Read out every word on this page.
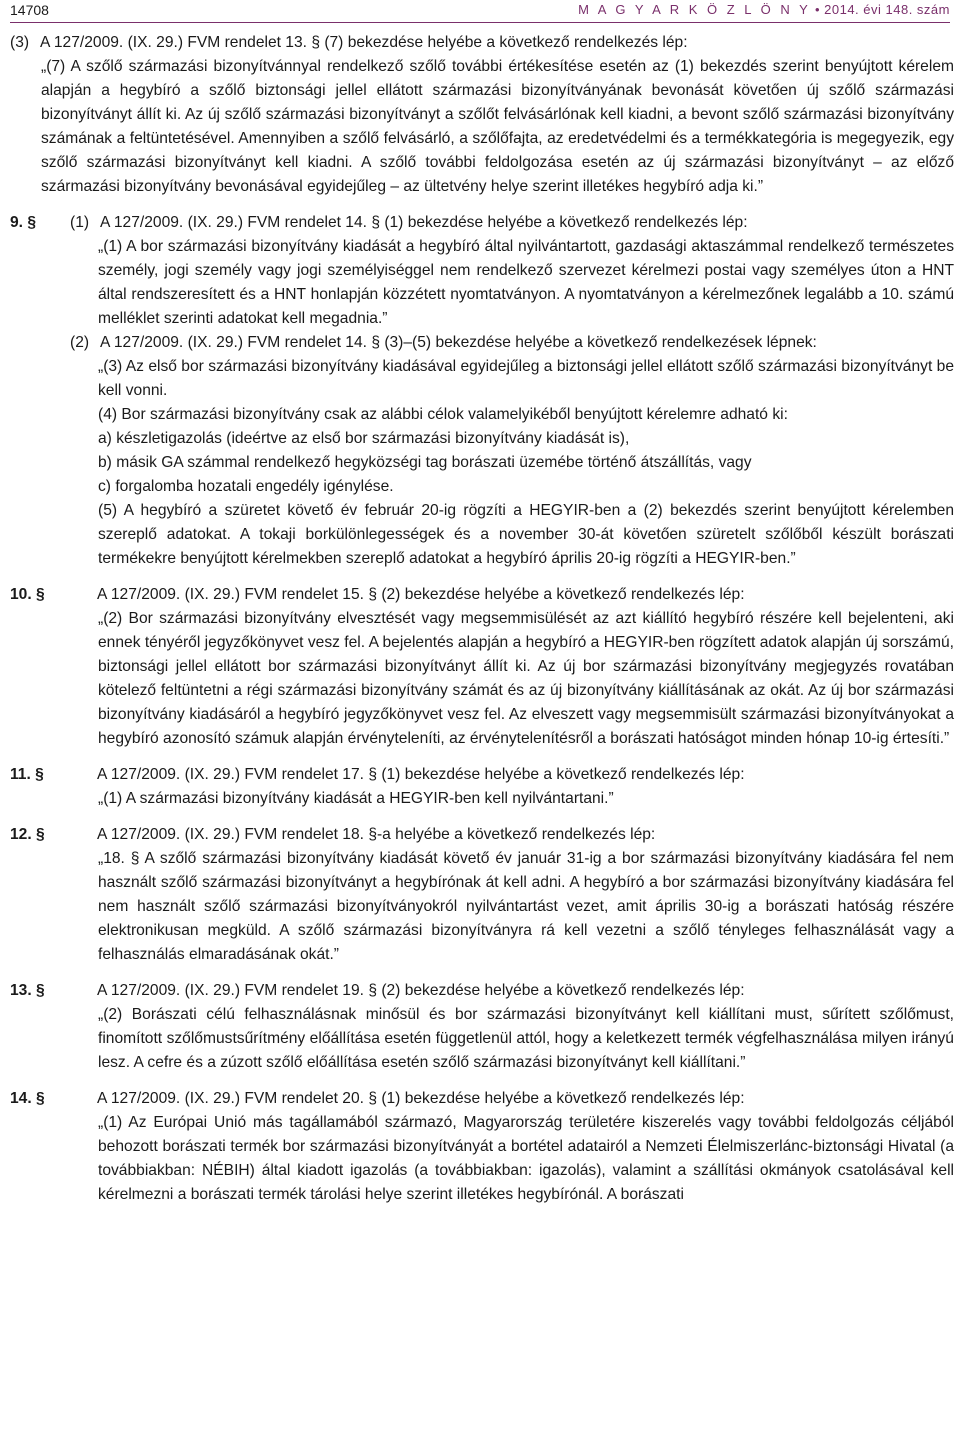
14708	M A G Y A R K Ö Z L Ö N Y • 2014. évi 148. szám
(3) A 127/2009. (IX. 29.) FVM rendelet 13. § (7) bekezdése helyébe a következő rendelkezés lép:

„(7) A szőlő származási bizonyítvánnyal rendelkező szőlő további értékesítése esetén az (1) bekezdés szerint benyújtott kérelem alapján a hegybíró a szőlő biztonsági jellel ellátott származási bizonyítványának bevonását követően új szőlő származási bizonyítványt állít ki. Az új szőlő származási bizonyítványt a szőlőt felvásárlónak kell kiadni, a bevont szőlő származási bizonyítvány számának a feltüntetésével. Amennyiben a szőlő felvásárló, a szőlőfajta, az eredetvédelmi és a termékkategória is megegyezik, egy szőlő származási bizonyítványt kell kiadni. A szőlő további feldolgozása esetén az új származási bizonyítványt – az előző származási bizonyítvány bevonásával egyidejűleg – az ültetvény helye szerint illetékes hegybíró adja ki.”

9. §	(1) A 127/2009. (IX. 29.) FVM rendelet 14. § (1) bekezdése helyébe a következő rendelkezés lép:

„(1) A bor származási bizonyítvány kiadását a hegybíró által nyilvántartott, gazdasági aktaszámmal rendelkező természetes személy, jogi személy vagy jogi személyiséggel nem rendelkező szervezet kérelmezi postai vagy személyes úton a HNT által rendszeresített és a HNT honlapján közzétett nyomtatványon. A nyomtatványon a kérelmezőnek legalább a 10. számú melléklet szerinti adatokat kell megadnia.”

(2) A 127/2009. (IX. 29.) FVM rendelet 14. § (3)–(5) bekezdése helyébe a következő rendelkezések lépnek:

„(3) Az első bor származási bizonyítvány kiadásával egyidejűleg a biztonsági jellel ellátott szőlő származási bizonyítványt be kell vonni.

(4) Bor származási bizonyítvány csak az alábbi célok valamelyikéből benyújtott kérelemre adható ki:

a) készletigazolás (ideértve az első bor származási bizonyítvány kiadását is),

b) másik GA számmal rendelkező hegyközségi tag borászati üzemébe történő átszállítás, vagy

c) forgalomba hozatali engedély igénylése.

(5) A hegybíró a szüretet követő év február 20-ig rögzíti a HEGYIR-ben a (2) bekezdés szerint benyújtott kérelemben szereplő adatokat. A tokaji borkülönlegességek és a november 30-át követően szüretelt szőlőből készült borászati termékekre benyújtott kérelmekben szereplő adatokat a hegybíró április 20-ig rögzíti a HEGYIR-ben.”

10. §	A 127/2009. (IX. 29.) FVM rendelet 15. § (2) bekezdése helyébe a következő rendelkezés lép:

„(2) Bor származási bizonyítvány elvesztését vagy megsemmisülését az azt kiállító hegybíró részére kell bejelenteni, aki ennek tényéről jegyzőkönyvet vesz fel. A bejelentés alapján a hegybíró a HEGYIR-ben rögzített adatok alapján új sorszámú, biztonsági jellel ellátott bor származási bizonyítványt állít ki. Az új bor származási bizonyítvány megjegyzés rovatában kötelező feltüntetni a régi származási bizonyítvány számát és az új bizonyítvány kiállításának az okát. Az új bor származási bizonyítvány kiadásáról a hegybíró jegyzőkönyvet vesz fel. Az elveszett vagy megsemmisült származási bizonyítványokat a hegybíró azonosító számuk alapján érvényteleníti, az érvénytelenítésről a borászati hatóságot minden hónap 10-ig értesíti.”

11. §	A 127/2009. (IX. 29.) FVM rendelet 17. § (1) bekezdése helyébe a következő rendelkezés lép:

„(1) A származási bizonyítvány kiadását a HEGYIR-ben kell nyilvántartani.”

12. §	A 127/2009. (IX. 29.) FVM rendelet 18. §-a helyébe a következő rendelkezés lép:

„18. § A szőlő származási bizonyítvány kiadását követő év január 31-ig a bor származási bizonyítvány kiadására fel nem használt szőlő származási bizonyítványt a hegybírónak át kell adni. A hegybíró a bor származási bizonyítvány kiadására fel nem használt szőlő származási bizonyítványokról nyilvántartást vezet, amit április 30-ig a borászati hatóság részére elektronikusan megküld. A szőlő származási bizonyítványra rá kell vezetni a szőlő tényleges felhasználását vagy a felhasználás elmaradásának okát.”

13. §	A 127/2009. (IX. 29.) FVM rendelet 19. § (2) bekezdése helyébe a következő rendelkezés lép:

„(2) Borászati célú felhasználásnak minősül és bor származási bizonyítványt kell kiállítani must, sűrített szőlőmust, finomított szőlőmustsűrítmény előállítása esetén függetlenül attól, hogy a keletkezett termék végfelhasználása milyen irányú lesz. A cefre és a zúzott szőlő előállítása esetén szőlő származási bizonyítványt kell kiállítani.”

14. §	A 127/2009. (IX. 29.) FVM rendelet 20. § (1) bekezdése helyébe a következő rendelkezés lép:

„(1) Az Európai Unió más tagállamából származó, Magyarország területére kiszerelés vagy további feldolgozás céljából behozott borászati termék bor származási bizonyítványát a bortétel adatairól a Nemzeti Élelmiszerlánc-biztonsági Hivatal (a továbbiakban: NÉBIH) által kiadott igazolás (a továbbiakban: igazolás), valamint a szállítási okmányok csatolásával kell kérelmezni a borászati termék tárolási helye szerint illetékes hegybírónál. A borászati
